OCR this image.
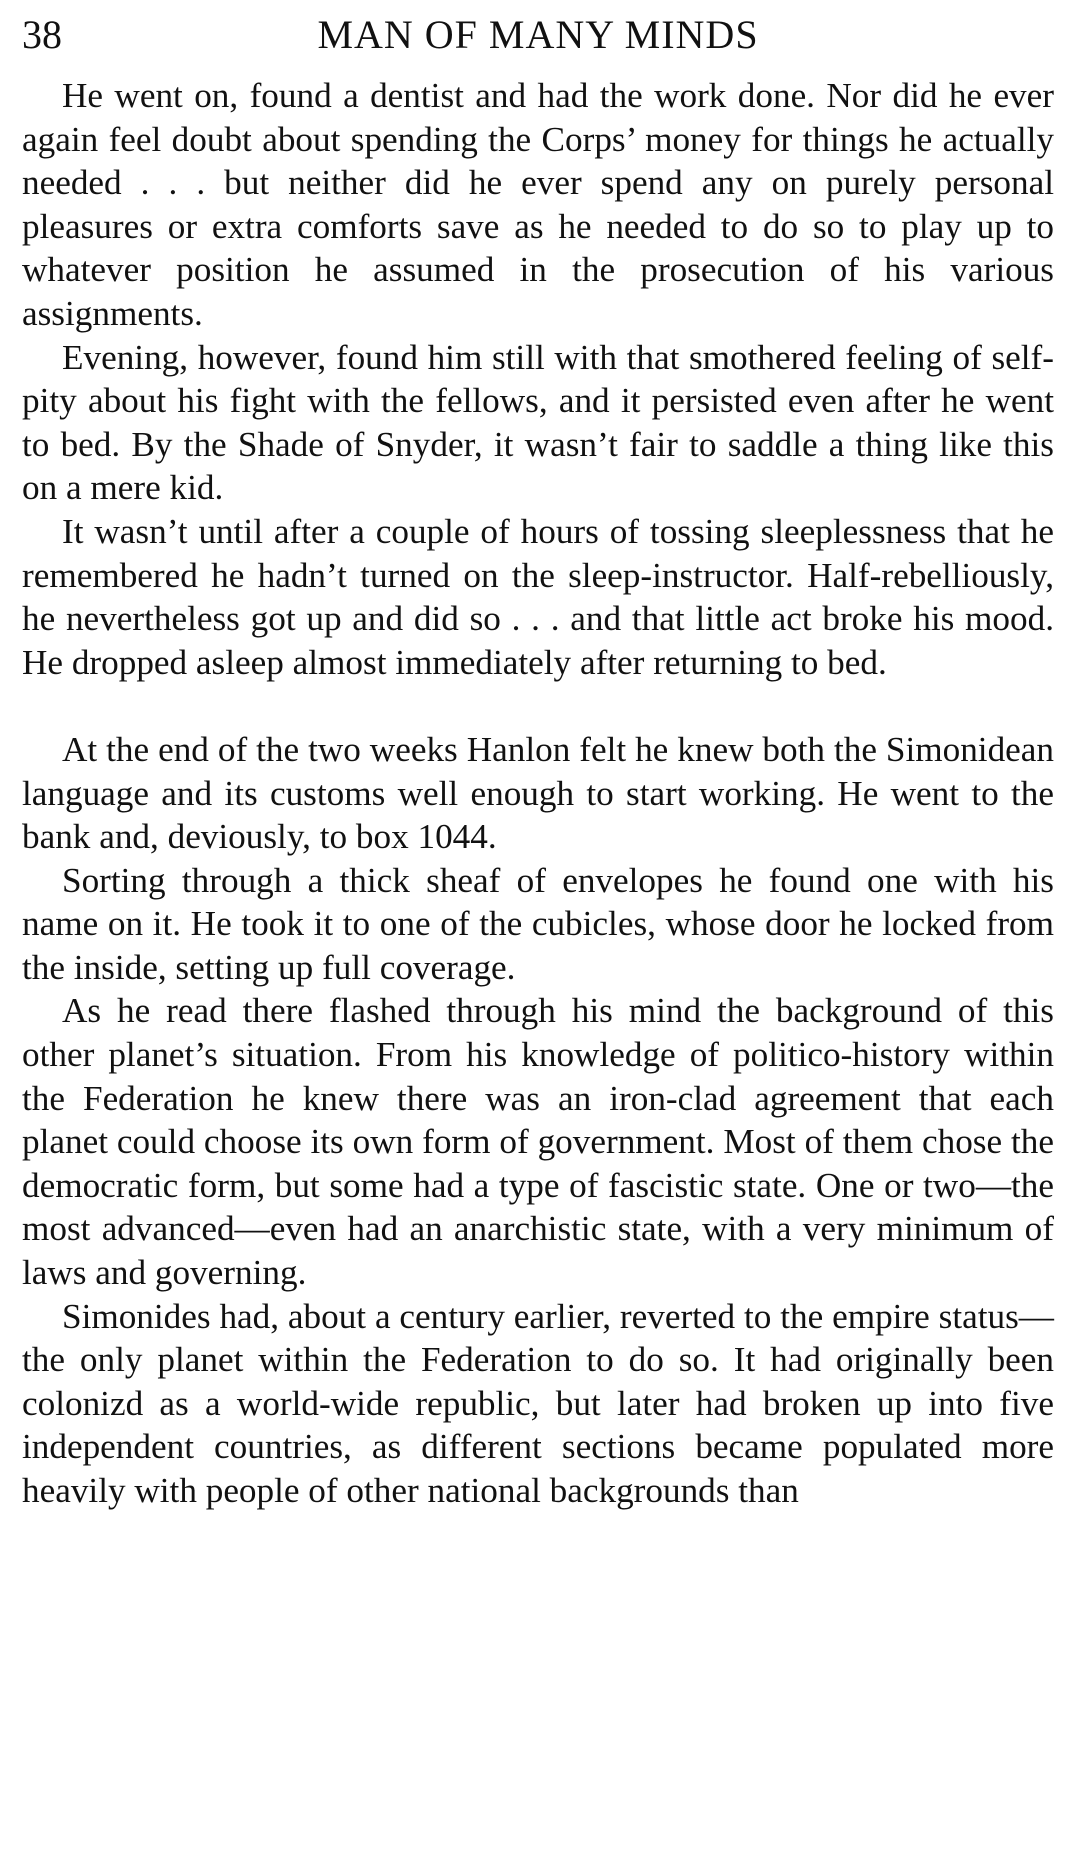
38	MAN OF MANY MINDS

He went on, found a dentist and had the work done. Nor did he ever again feel doubt about spending the Corps’ money for things he actually needed . . . but neither did he ever spend any on purely personal pleasures or extra comforts save as he needed to do so to play up to whatever position he assumed in the prosecution of his various assignments.

Evening, however, found him still with that smothered feeling of self-pity about his fight with the fellows, and it persisted even after he went to bed. By the Shade of Snyder, it wasn’t fair to saddle a thing like this on a mere kid.

It wasn’t until after a couple of hours of tossing sleeplessness that he remembered he hadn’t turned on the sleep-instructor. Half-rebelliously, he nevertheless got up and did so . . . and that little act broke his mood. He dropped asleep almost immediately after returning to bed.

At the end of the two weeks Hanlon felt he knew both the Simonidean language and its customs well enough to start working. He went to the bank and, deviously, to box 1044.

Sorting through a thick sheaf of envelopes he found one with his name on it. He took it to one of the cubicles, whose door he locked from the inside, setting up full coverage.

As he read there flashed through his mind the background of this other planet’s situation. From his knowledge of politico-history within the Federation he knew there was an iron-clad agreement that each planet could choose its own form of government. Most of them chose the democratic form, but some had a type of fascistic state. One or two—the most advanced—even had an anarchistic state, with a very minimum of laws and governing.

Simonides had, about a century earlier, reverted to the empire status—the only planet within the Federation to do so. It had originally been colonizd as a world-wide republic, but later had broken up into five independent countries, as different sections became populated more heavily with people of other national backgrounds than
